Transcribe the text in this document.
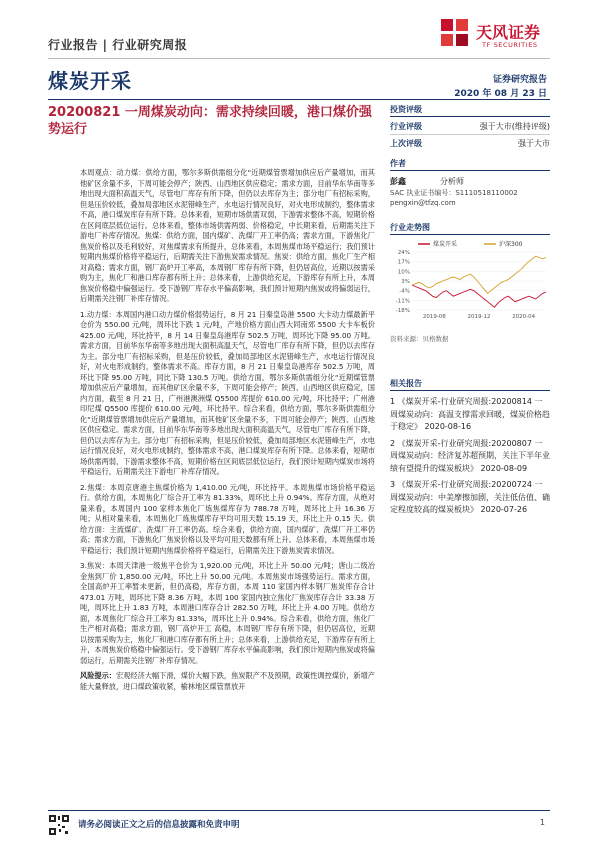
行业报告 | 行业研究周报
天风证券
TF SECURITIES
煤炭开采	证券研究报告
2020 年 08 月 23 日
20200821 一周煤炭动向：需求持续回暖，港口煤价强势运行
投资评级
行业评级	强于大市(维持评级)
上次评级	强于大市
作者
彭鑫	分析师
SAC 执业证书编号：S1110518110002
pengxin@tfzq.com
行业走势图
-18%
-11%
-4%
3%
10%
17%
24%
2019-08	2019-12	2020-04
煤炭开采	沪深300
资料来源：贝格数据

本周观点：动力煤：供给方面，鄂尔多斯供需组分化“近期煤管票增加供应后产量增加，而其他矿区余量不多，下周可能会停产；陕西、山西地区供应稳定；需求方面，目前华东华南等多地出现大面积高温天气，尽管电厂库存有所下降，但仍以去库存为主；部分电厂有招标采购，但是压价较低，叠加局部地区水泥错峰生产，水电运行情况良好，对火电形成制约，整体需求不高，港口煤炭库存有所下降。总体来看，短期市场供需双弱，下游需求整体不高，短期价格在区间底层低位运行。总体来看，整体市场供需两弱、价格稳定，中长期来看，后期需关注下游电厂补库存情况。焦煤：供给方面，国内煤矿、洗煤厂开工率仍高；需求方面，下游焦化厂焦炭价格以及毛利较好，对焦煤需求有所提升，总体来看，本周焦煤市场平稳运行；我们预计短期内焦煤价格将平稳运行，后期需关注下游焦炭需求情况。焦炭：供给方面，焦化厂生产相对高稳；需求方面，钢厂高炉开工率高，本周钢厂库存有所下降，但仍居高位，近期以按需采购为主，焦化厂和港口库存都有所上升；总体来看，上游供给充足，下游库存有所上升，本周焦炭价格稳中偏强运行。受下游钢厂库存水平偏高影响，我们预计短期内焦炭或将偏弱运行，后期需关注钢厂补库存情况。

1.动力煤：本周国内港口动力煤价格弱势运行，8 月 21 日秦皇岛港 5500 大卡动力煤最新平仓价为 550.00 元/吨，周环比下跌 1 元/吨，产地价格方面山西大同南郊 5500 大卡车板价 425.00 元/吨，环比持平，8 月 14 日秦皇岛港库存 502.5 万吨，周环比下降 95.00 万吨。需求方面，目前华东华南等多地出现大面积高温天气，尽管电厂库存有所下降，但仍以去库存为主。部分电厂有招标采购，但是压价较低，叠加局部地区水泥错峰生产，水电运行情况良好，对火电形成制约，整体需求不高。库存方面，8 月 21 日秦皇岛港库存 502.5 万吨，周环比下降 95.00 万吨，同比下降 130.5 万吨。供给方面，鄂尔多斯供需组分化“近期煤管票增加供应后产量增加，而其他矿区余量不多，下周可能会停产；陕西、山西地区供应稳定，国内方面，截至 8 月 21 日，广州港澳洲煤 Q5500 库提价 610.00 元/吨，环比持平；广州港印尼煤 Q5500 库提价 610.00 元/吨，环比持平。综合来看，供给方面，鄂尔多斯供需组分化“近期煤管票增加供应后产量增加，而其他矿区余量不多，下周可能会停产；陕西、山西地区供应稳定。需求方面，目前华东华南等多地出现大面积高温天气，尽管电厂库存有所下降，但仍以去库存为主。部分电厂有招标采购，但是压价较低，叠加局部地区水泥错峰生产，水电运行情况良好，对火电形成制约，整体需求不高，港口煤炭库存有所下降。总体来看，短期市场供需两弱，下游需求整体不高，短期价格在区间底层低位运行，我们预计短期内煤炭市场将平稳运行，后期需关注下游电厂补库存情况。

2.焦煤：本周京唐港主焦煤价格为 1,410.00 元/吨，环比持平。本周焦煤市场价格平稳运行。供给方面，本周焦化厂综合开工率为 81.33%，周环比上升 0.94%。库存方面，从绝对量来看，本周国内 100 家样本焦化厂炼焦煤库存为 788.78 万吨，周环比上升 16.36 万吨；从相对量来看，本周焦化厂炼焦煤库存平均可用天数 15.19 天，环比上升 0.15 天。供给方面：主流煤矿、洗煤厂开工率仍高。综合来看，供给方面，国内煤矿、洗煤厂开工率仍高；需求方面，下游焦化厂焦炭价格以及平均可用天数都有所上升。总体来看，本周焦煤市场平稳运行；我们预计短期内焦煤价格将平稳运行，后期需关注下游焦炭需求情况。

3.焦炭：本周天津港一级焦平仓价为 1,920.00 元/吨，环比上升 50.00 元/吨；唐山二级冶金焦到厂价 1,850.00 元/吨，环比上升 50.00 元/吨。本周焦炭市场强势运行。需求方面，全国高炉开工率暂未更新，但仍高稳，库存方面，本周 110 家国内样本钢厂焦炭库存合计 473.01 万吨，周环比下降 8.36 万吨，本周 100 家国内独立焦化厂焦炭库存合计 33.38 万吨，周环比上升 1.83 万吨，本周港口库存合计 282.50 万吨，环比上升 4.00 万吨。供给方面，本周焦化厂综合开工率为 81.33%，周环比上升 0.94%。综合来看，供给方面，焦化厂生产相对高稳；需求方面，钢厂高炉开工 高稳，本周钢厂库存有所下降，但仍居高位，近期以按需采购为主，焦化厂和港口库存都有所上升；总体来看，上游供给充足，下游库存有所上升，本周焦炭价格稳中偏强运行。受下游钢厂库存水平偏高影响，我们预计短期内焦炭或将偏弱运行，后期需关注钢厂补库存情况。

风险提示：宏观经济大幅下滑，煤价大幅下跌，焦炭限产不及预期，政策性调控煤价，新增产能大量释放，进口煤政策收紧，榆林地区煤管票放开

相关报告
1 《煤炭开采-行业研究周报:20200814 一周煤炭动向：高温支撑需求回暖，煤炭价格趋于稳定》 2020-08-16
2 《煤炭开采-行业研究周报:20200807 一周煤炭动向：经济复苏超预期，关注下半年业绩有望提升的煤炭板块》 2020-08-09
3 《煤炭开采-行业研究周报:20200724 一周煤炭动向：中美摩擦加剧，关注低估值、确定程度较高的煤炭板块》 2020-07-26
请务必阅读正文之后的信息披露和免责申明	1
